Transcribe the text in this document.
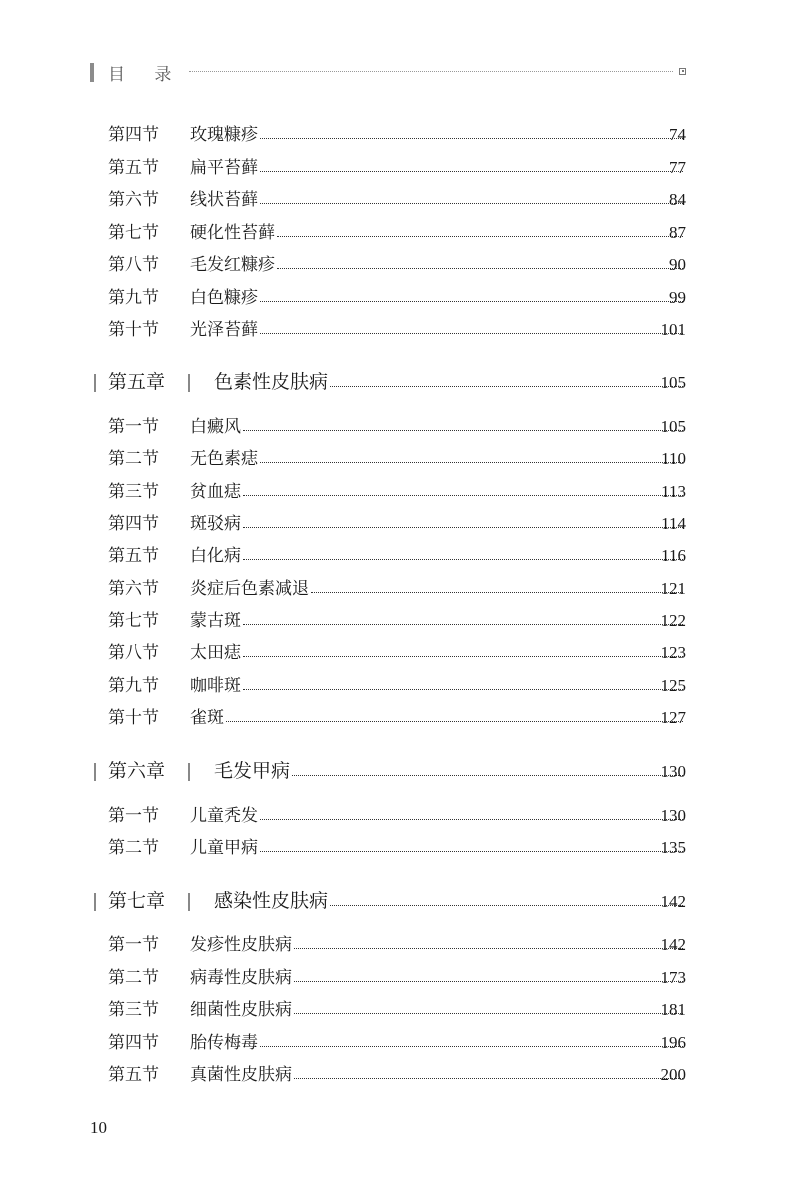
目 录
第四节 玫瑰糠疹	74
第五节 扁平苔藓	77
第六节 线状苔藓	84
第七节 硬化性苔藓	87
第八节 毛发红糠疹	90
第九节 白色糠疹	99
第十节 光泽苔藓	101
第五章	色素性皮肤病	105
第一节 白癜风	105
第二节 无色素痣	110
第三节 贫血痣	113
第四节 斑驳病	114
第五节 白化病	116
第六节 炎症后色素减退	121
第七节 蒙古斑	122
第八节 太田痣	123
第九节 咖啡斑	125
第十节 雀斑	127
第六章	毛发甲病	130
第一节 儿童秃发	130
第二节 儿童甲病	135
第七章	感染性皮肤病	142
第一节 发疹性皮肤病	142
第二节 病毒性皮肤病	173
第三节 细菌性皮肤病	181
第四节 胎传梅毒	196
第五节 真菌性皮肤病	200
10
